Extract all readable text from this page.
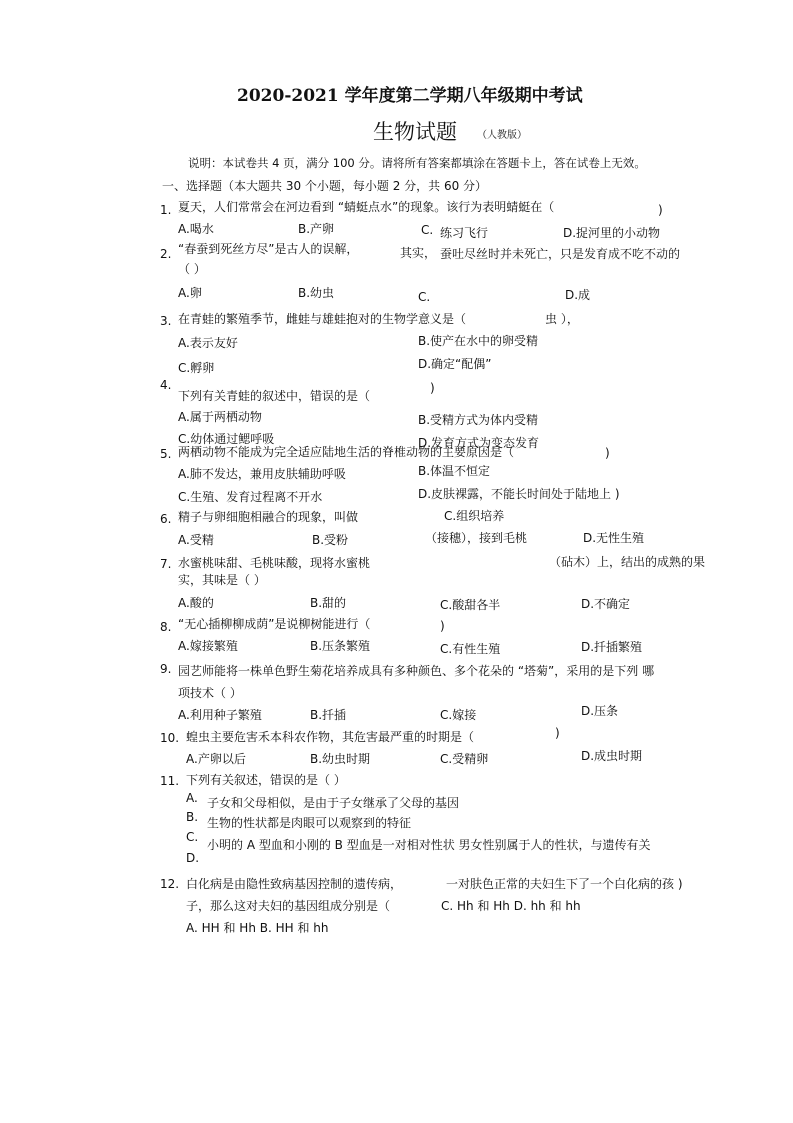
2020-2021 学年度第二学期八年级期中考试
生物试题 （人教版）
说明：本试卷共 4 页，满分 100 分。请将所有答案都填涂在答题卡上，答在试卷上无效。
一、选择题（本大题共 30 个小题，每小题 2 分，共 60 分）
1. 夏天，人们常常会在河边看到 “蜻蜓点水”的现象。该行为表明蜻蜓在（	)
A.喝水	B.产卵	C. 练习飞行	D.捉河里的小动物
2. “春蚕到死丝方尽”是古人的误解，	其实， 蚕吐尽丝时并未死亡，只是发育成不吃不动的
（ ）
A.卵	B.幼虫	C.	D.成
3. 在青蛙的繁殖季节，雌蛙与雄蛙抱对的生物学意义是（	虫 ），
A.表示友好	B.使产在水中的卵受精
C.孵卵	D.确定“配偶”
4.
下列有关青蛙的叙述中，错误的是（
)
A.属于两栖动物	B.受精方式为体内受精
C.幼体通过鳃呼吸	D.发育方式为变态发育
5. 两栖动物不能成为完全适应陆地生活的脊椎动物的主要原因是（	)
A.肺不发达，兼用皮肤辅助呼吸	B.体温不恒定
C.生殖、发育过程离不开水	D.皮肤裸露，不能长时间处于陆地上 )
6. 精子与卵细胞相融合的现象，叫做
A.受精	B.受粉
C.组织培养
D.无性生殖
7. 水蜜桃味甜、毛桃味酸，现将水蜜桃
（接穗），接到毛桃
（砧木）上，结出的成熟的果
实，其味是（ ）
A.酸的	B.甜的	C.酸甜各半	D.不确定
8. “无心插柳柳成荫”是说柳树能进行（	)
A.嫁接繁殖	B.压条繁殖	C.有性生殖	D.扦插繁殖
9. 园艺师能将一株单色野生菊花培养成具有多种颜色、多个花朵的 “塔菊”，采用的是下列 哪
项技术（ ）
A.利用种子繁殖	B.扦插	C.嫁接	D.压条
10. 蝗虫主要危害禾本科农作物，其危害最严重的时期是（	)
A.产卵以后	B.幼虫时期	C.受精卵	D.成虫时期
11. 下列有关叙述，错误的是（ ）
A.
B.
C.
D.
子女和父母相似，是由于子女继承了父母的基因
生物的性状都是肉眼可以观察到的特征
小明的 A 型血和小刚的 B 型血是一对相对性状 男女性别属于人的性状，与遗传有关
12. 白化病是由隐性致病基因控制的遗传病，	一对肤色正常的夫妇生下了一个白化病的孩 )
子，那么这对夫妇的基因组成分别是（	C. Hh 和 Hh D. hh 和 hh
A. HH 和 Hh B. HH 和 hh
